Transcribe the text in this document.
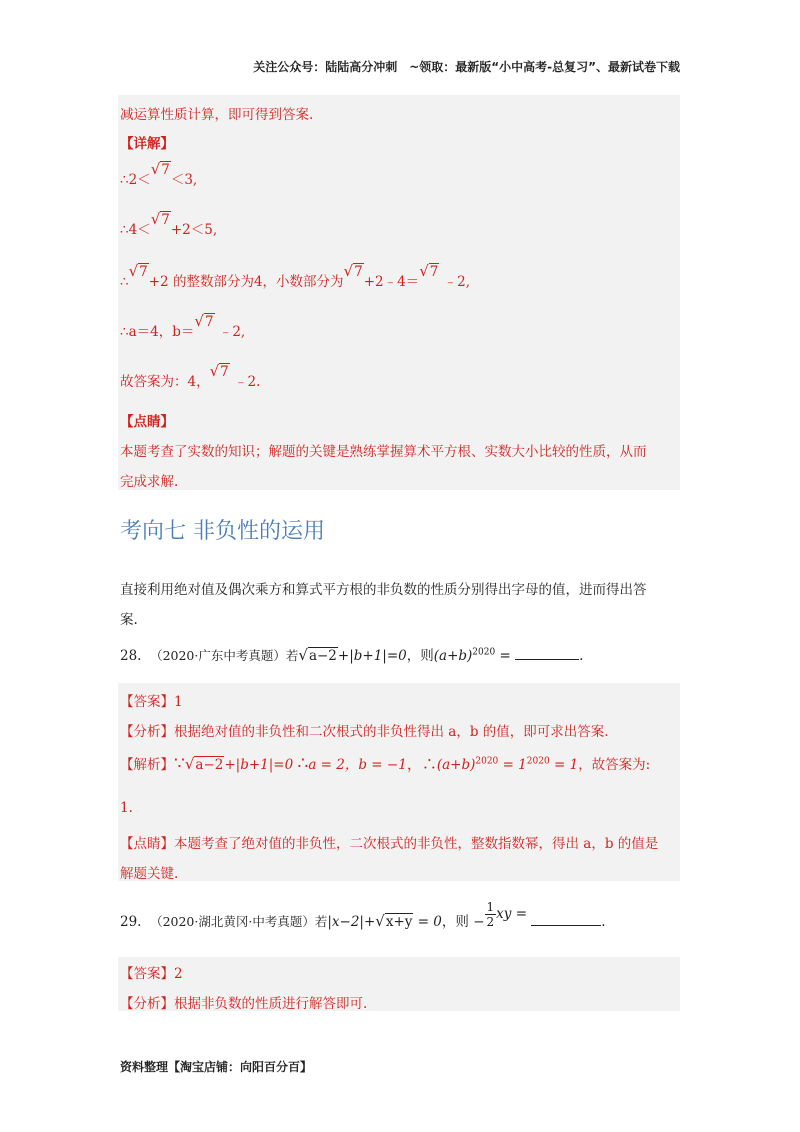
关注公众号：陆陆高分冲刺　~领取：最新版“小中高考-总复习”、最新试卷下载
减运算性质计算，即可得到答案.
【详解】
∴2＜√7＜3,
∴4＜√7+2＜5,
∴√7+2 的整数部分为4，小数部分为√7+2﹣4＝√7 ﹣2,
∴a＝4，b＝√7 ﹣2,
故答案为：4，√7 ﹣2.
【点睛】
本题考查了实数的知识；解题的关键是熟练掌握算术平方根、实数大小比较的性质，从而
完成求解.
考向七 非负性的运用
直接利用绝对值及偶次乘方和算式平方根的非负数的性质分别得出字母的值，进而得出答
案.
28. （2020·广东中考真题）若√a−2+|b+1|=0，则$(a+b)^{2020}$ =	.
【答案】1
【分析】根据绝对值的非负性和二次根式的非负性得出 a，b 的值，即可求出答案.
【解析】∵√a−2+|b+1|=0 ∴a = 2，b = −1，$\therefore(a+b)^{2020} = 1^{2020} = 1$，故答案为:
1.
【点睛】本题考查了绝对值的非负性，二次根式的非负性，整数指数幂，得出 a，b 的值是
解题关键.
29. （2020·湖北黄冈·中考真题）若|x−2|+√x+y = 0，则 − $\frac{1}{2}$ xy =	.
【答案】2
【分析】根据非负数的性质进行解答即可.
资料整理【淘宝店铺：向阳百分百】
